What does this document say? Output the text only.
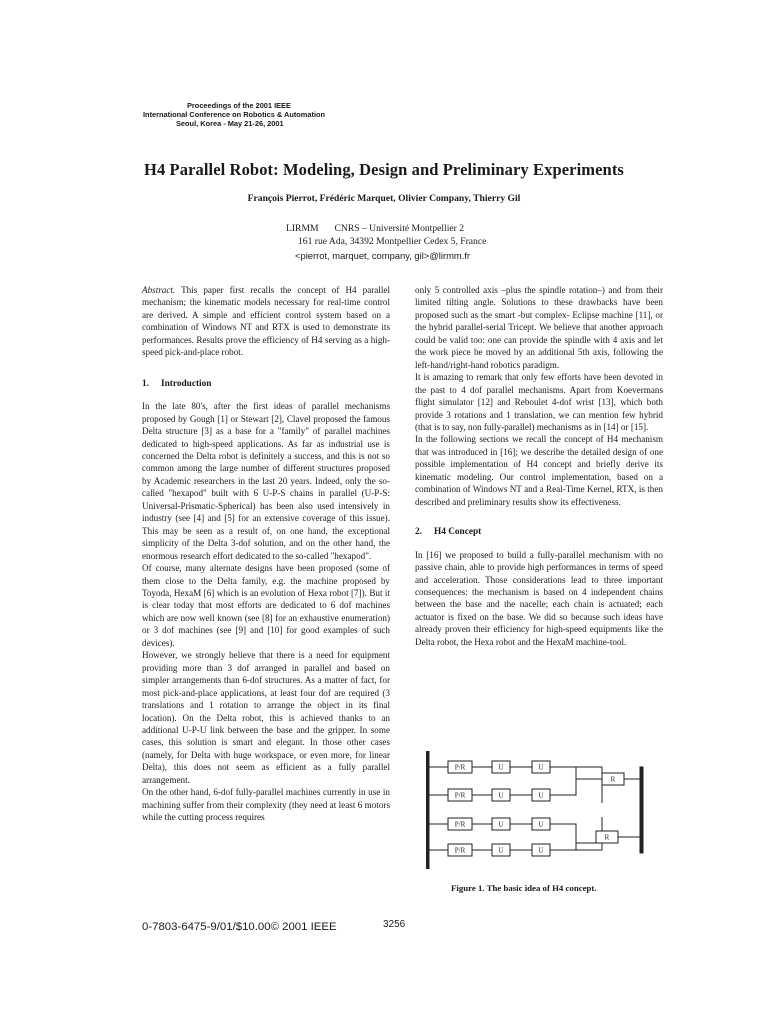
Proceedings of the 2001 IEEE
International Conference on Robotics & Automation
Seoul, Korea - May 21-26, 2001
H4 Parallel Robot: Modeling, Design and Preliminary Experiments
François Pierrot, Frédéric Marquet, Olivier Company, Thierry Gil
LIRMM CNRS – Université Montpellier 2
161 rue Ada, 34392 Montpellier Cedex 5, France
<pierrot, marquet, company, gil>@lirmm.fr

Abstract. This paper first recalls the concept of H4 parallel mechanism; the kinematic models necessary for real-time control are derived. A simple and efficient control system based on a combination of Windows NT and RTX is used to demonstrate its performances. Results prove the efficiency of H4 serving as a high-speed pick-and-place robot.

1. Introduction

In the late 80's, after the first ideas of parallel mechanisms proposed by Gough [1] or Stewart [2], Clavel proposed the famous Delta structure [3] as a base for a "family" of parallel machines dedicated to high-speed applications. As far as industrial use is concerned the Delta robot is definitely a success, and this is not so common among the large number of different structures proposed by Academic researchers in the last 20 years. Indeed, only the so-called "hexapod" built with 6 U-P-S chains in parallel (U-P-S: Universal-Prismatic-Spherical) has been also used intensively in industry (see [4] and [5] for an extensive coverage of this issue). This may be seen as a result of, on one hand, the exceptional simplicity of the Delta 3-dof solution, and on the other hand, the enormous research effort dedicated to the so-called "hexapod".

Of course, many alternate designs have been proposed (some of them close to the Delta family, e.g. the machine proposed by Toyoda, HexaM [6] which is an evolution of Hexa robot [7]). But it is clear today that most efforts are dedicated to 6 dof machines which are now well known (see [8] for an exhaustive enumeration) or 3 dof machines (see [9] and [10] for good examples of such devices).

However, we strongly believe that there is a need for equipment providing more than 3 dof arranged in parallel and based on simpler arrangements than 6-dof structures. As a matter of fact, for most pick-and-place applications, at least four dof are required (3 translations and 1 rotation to arrange the object in its final location). On the Delta robot, this is achieved thanks to an additional U-P-U link between the base and the gripper. In some cases, this solution is smart and elegant. In those other cases (namely, for Delta with huge workspace, or even more, for linear Delta), this does not seem as efficient as a fully parallel arrangement.

On the other hand, 6-dof fully-parallel machines currently in use in machining suffer from their complexity (they need at least 6 motors while the cutting process requires

only 5 controlled axis –plus the spindle rotation–) and from their limited tilting angle. Solutions to these drawbacks have been proposed such as the smart -but complex- Eclipse machine [11], or the hybrid parallel-serial Tricept. We believe that another approach could be valid too: one can provide the spindle with 4 axis and let the work piece be moved by an additional 5th axis, following the left-hand/right-hand robotics paradigm.

It is amazing to remark that only few efforts have been devoted in the past to 4 dof parallel mechanisms. Apart from Koevermans flight simulator [12] and Reboulet 4-dof wrist [13], which both provide 3 rotations and 1 translation, we can mention few hybrid (that is to say, non fully-parallel) mechanisms as in [14] or [15].

In the following sections we recall the concept of H4 mechanism that was introduced in [16]; we describe the detailed design of one possible implementation of H4 concept and briefly derive its kinematic modeling. Our control implementation, based on a combination of Windows NT and a Real-Time Kernel, RTX, is then described and preliminary results show its effectiveness.

2. H4 Concept

In [16] we proposed to build a fully-parallel mechanism with no passive chain, able to provide high performances in terms of speed and acceleration. Those considerations lead to three important consequences: the mechanism is based on 4 independent chains between the base and the nacelle; each chain is actuated; each actuator is fixed on the base. We did so because such ideas have already proven their efficiency for high-speed equipments like the Delta robot, the Hexa robot and the HexaM machine-tool.

P/R	U	U
P/R	U	U
P/R	U	U
P/R	U	U
R
R
Figure 1. The basic idea of H4 concept.
0-7803-6475-9/01/$10.00© 2001 IEEE	3256
